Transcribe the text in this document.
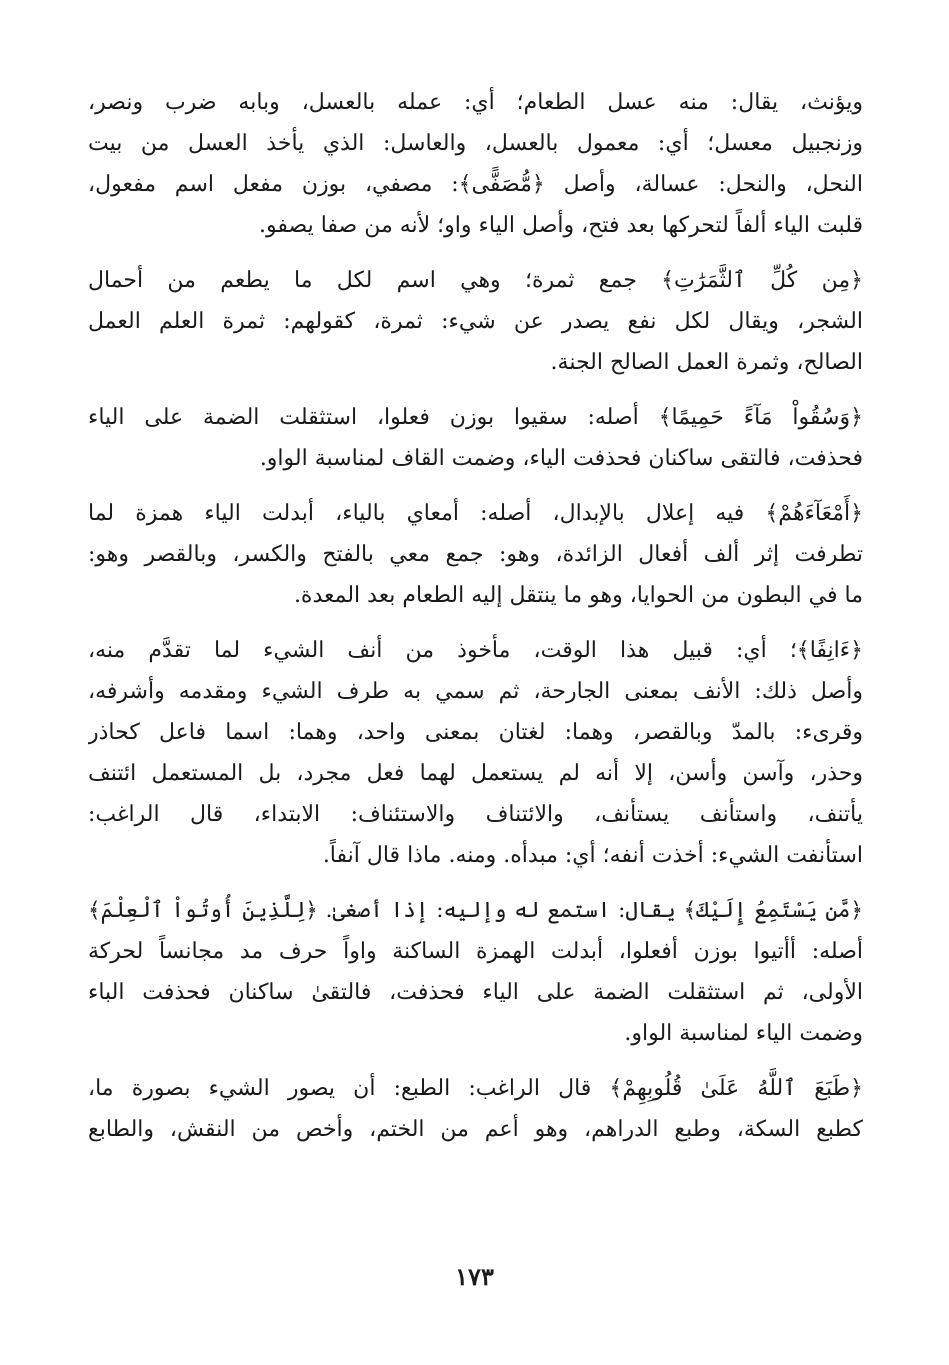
ويؤنث، يقال: منه عسل الطعام؛ أي: عمله بالعسل، وبابه ضرب ونصر،
وزنجبيل معسل؛ أي: معمول بالعسل، والعاسل: الذي يأخذ العسل من بيت
النحل، والنحل: عسالة، وأصل ﴿مُّصَفًّى﴾: مصفي، بوزن مفعل اسم مفعول،
قلبت الياء ألفاً لتحركها بعد فتح، وأصل الياء واو؛ لأنه من صفا يصفو.
﴿مِن كُلِّ ٱلثَّمَرَٰتِ﴾ جمع ثمرة؛ وهي اسم لكل ما يطعم من أحمال
الشجر، ويقال لكل نفع يصدر عن شيء: ثمرة، كقولهم: ثمرة العلم العمل
الصالح، وثمرة العمل الصالح الجنة.
﴿وَسُقُواْ مَآءً حَمِيمًا﴾ أصله: سقيوا بوزن فعلوا، استثقلت الضمة على الياء
فحذفت، فالتقى ساكنان فحذفت الياء، وضمت القاف لمناسبة الواو.
﴿أَمْعَآءَهُمْ﴾ فيه إعلال بالإبدال، أصله: أمعاي بالياء، أبدلت الياء همزة لما
تطرفت إثر ألف أفعال الزائدة، وهو: جمع معي بالفتح والكسر، وبالقصر وهو:
ما في البطون من الحوايا، وهو ما ينتقل إليه الطعام بعد المعدة.
﴿ءَانِفًا﴾؛ أي: قبيل هذا الوقت، مأخوذ من أنف الشيء لما تقدَّم منه،
وأصل ذلك: الأنف بمعنى الجارحة، ثم سمي به طرف الشيء ومقدمه وأشرفه،
وقرىء: بالمدّ وبالقصر، وهما: لغتان بمعنى واحد، وهما: اسما فاعل كحاذر
وحذر، وآسن وأسن، إلا أنه لم يستعمل لهما فعل مجرد، بل المستعمل ائتنف
يأتنف، واستأنف يستأنف، والائتناف والاستئناف: الابتداء، قال الراغب:
استأنفت الشيء: أخذت أنفه؛ أي: مبدأه. ومنه. ماذا قال آنفاً.
﴿مَّن يَسْتَمِعُ إِلَيْكَ﴾ يقال: استمع له وإليه: إذا أصغىٰ. ﴿لِلَّذِينَ أُوتُواْ ٱلْعِلْمَ﴾
أصله: أأتيوا بوزن أفعلوا، أبدلت الهمزة الساكنة واواً حرف مد مجانساً لحركة
الأولى، ثم استثقلت الضمة على الياء فحذفت، فالتقىٰ ساكنان فحذفت الباء
وضمت الياء لمناسبة الواو.
﴿طَبَعَ ٱللَّهُ عَلَىٰ قُلُوبِهِمْ﴾ قال الراغب: الطبع: أن يصور الشيء بصورة ما،
كطبع السكة، وطبع الدراهم، وهو أعم من الختم، وأخص من النقش، والطابع
١٧٣
